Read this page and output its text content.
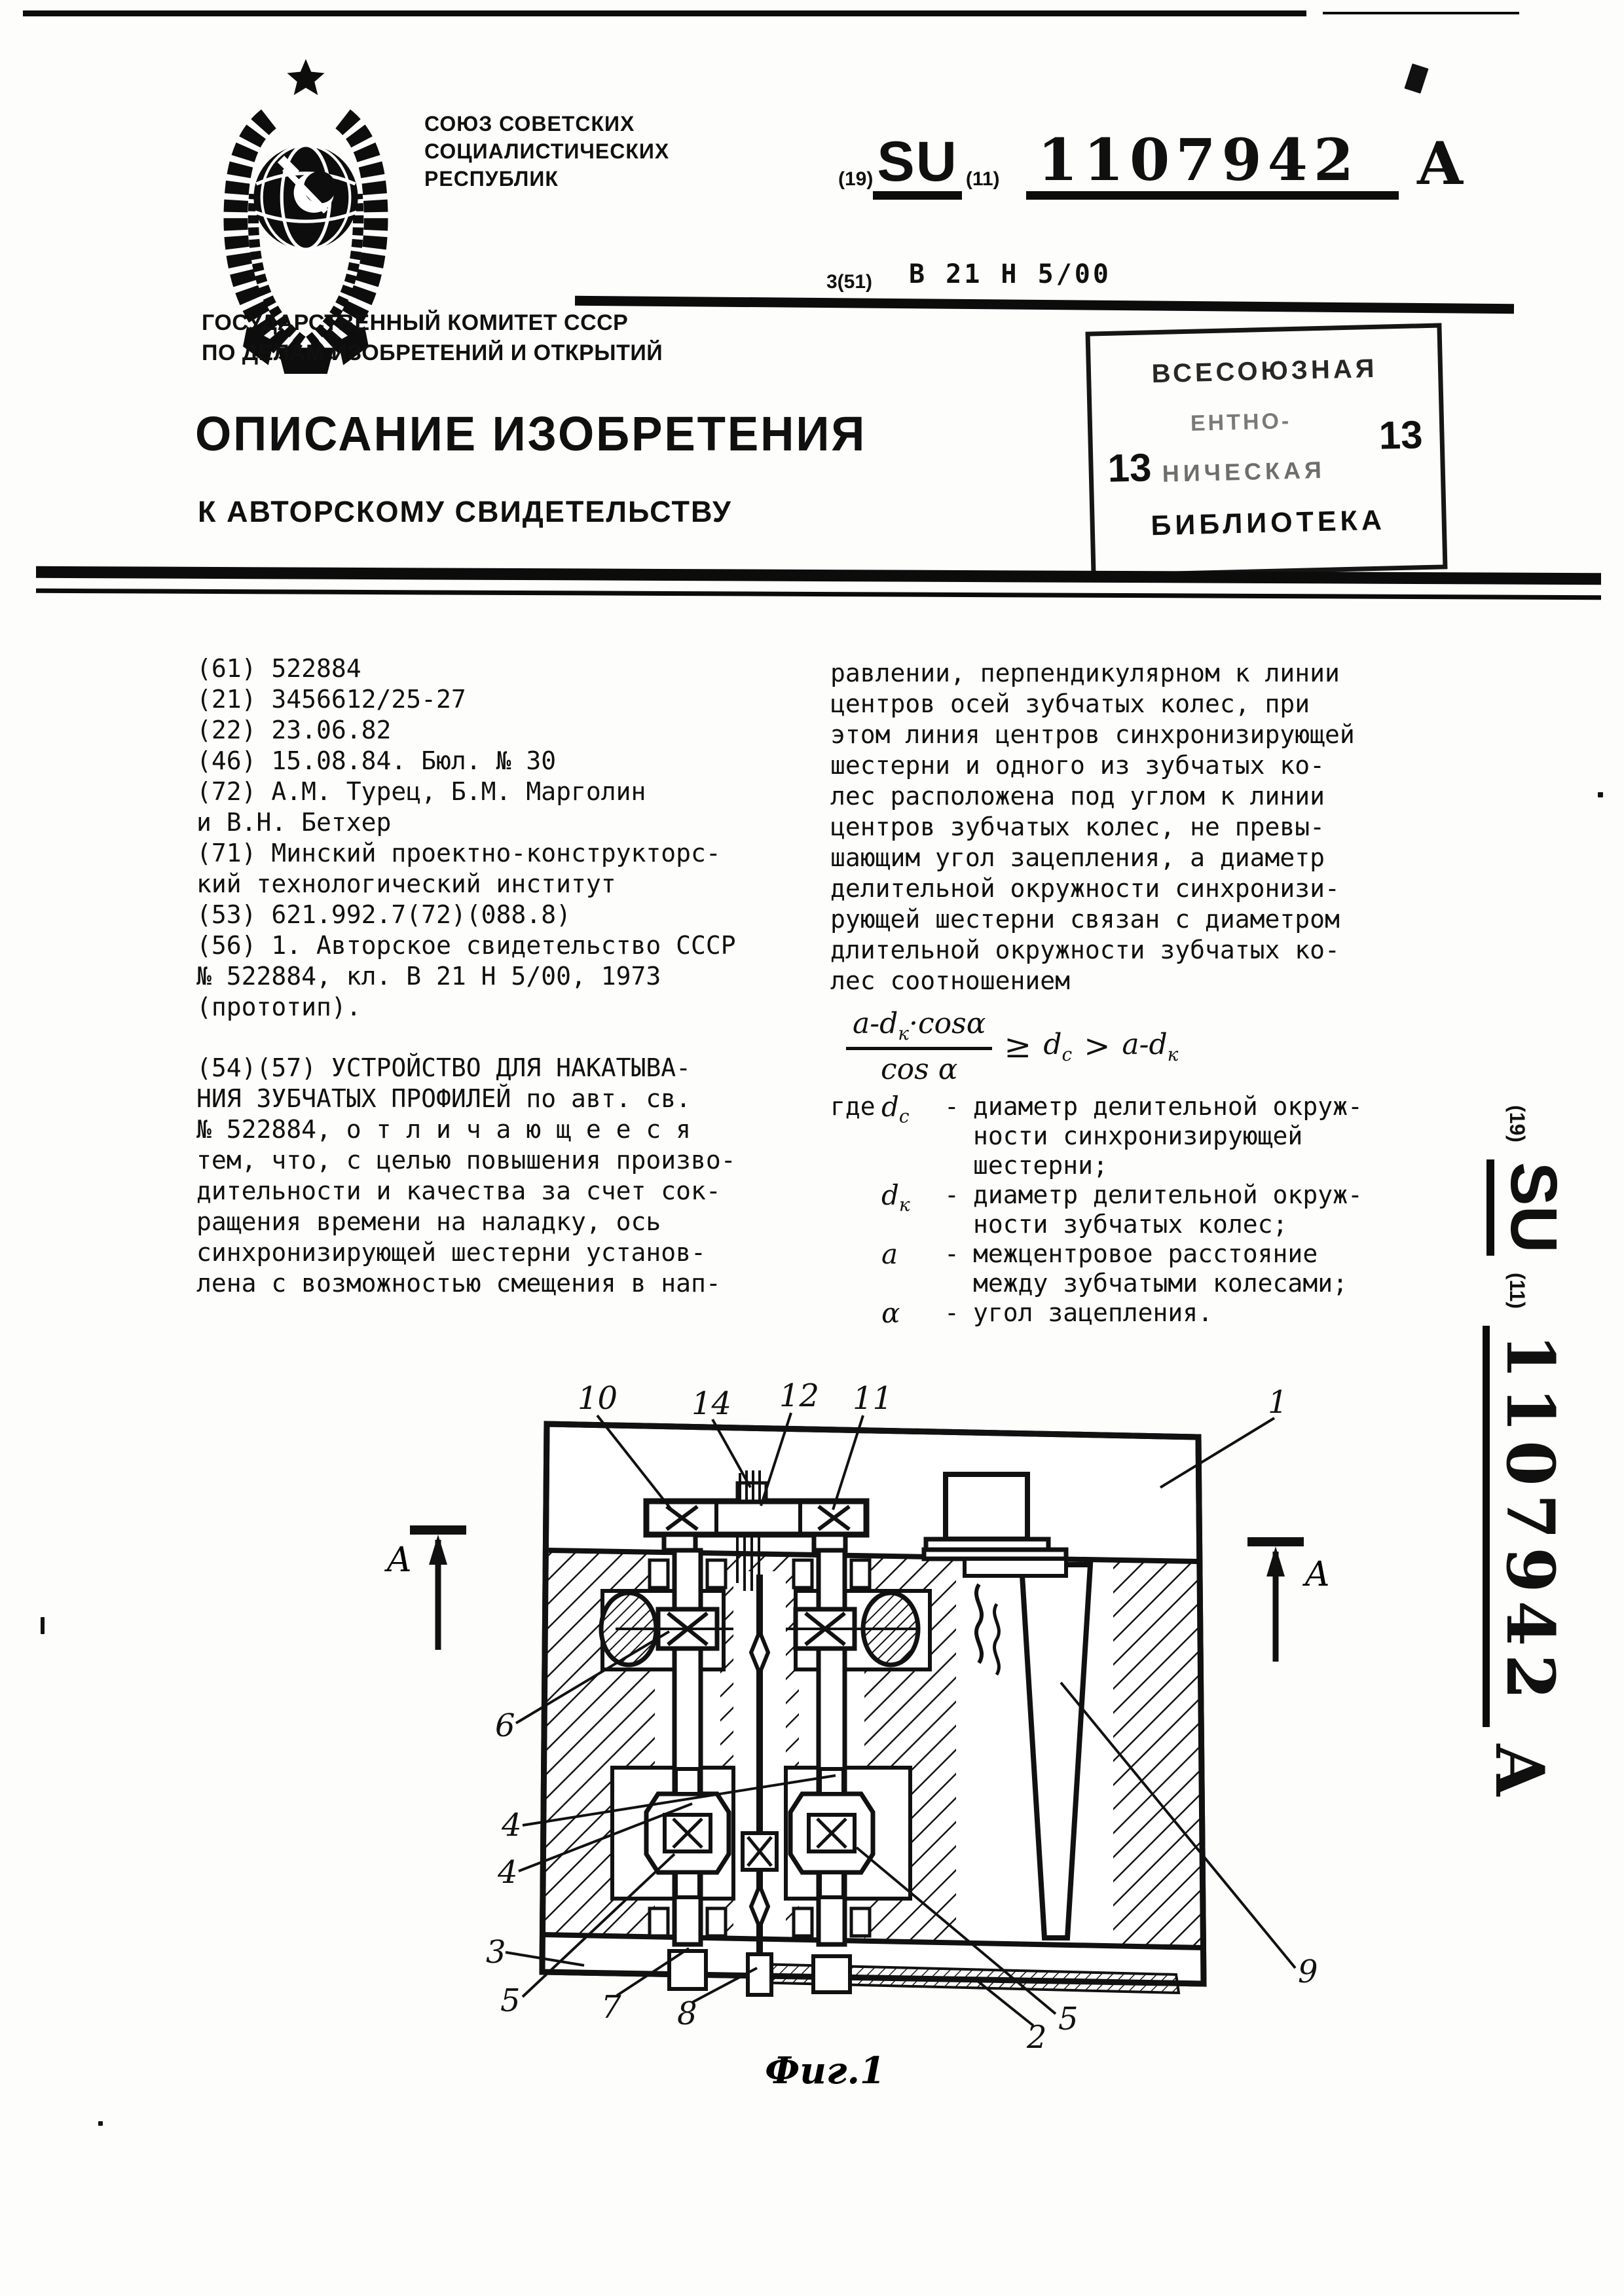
СОЮЗ СОВЕТСКИХ
СОЦИАЛИСТИЧЕСКИХ
РЕСПУБЛИК	(19) SU (11) 1107942 A
3(51) В 21 Н 5/00
ГОСУДАРСТВЕННЫЙ КОМИТЕТ СССР
ПО ДЕЛАМ ИЗОБРЕТЕНИЙ И ОТКРЫТИЙ
ОПИСАНИЕ ИЗОБРЕТЕНИЯ
К АВТОРСКОМУ СВИДЕТЕЛЬСТВУ
ВСЕСОЮЗНАЯ
ЕНТНО-
НИЧЕСКАЯ
БИБЛИОТЕКА
13
13
(61) 522884
(21) 3456612/25-27
(22) 23.06.82
(46) 15.08.84. Бюл. № 30
(72) А.М. Турец, Б.М. Марголин
и В.Н. Бетхер
(71) Минский проектно-конструкторс-
кий технологический институт
(53) 621.992.7(72)(088.8)
(56) 1. Авторское свидетельство СССР
№ 522884, кл. В 21 Н 5/00, 1973
(прототип).
(54)(57) УСТРОЙСТВО ДЛЯ НАКАТЫВА-
НИЯ ЗУБЧАТЫХ ПРОФИЛЕЙ по авт. св.
№ 522884, о т л и ч а ю щ е е с я
тем, что, с целью повышения произво-
дительности и качества за счет сок-
ращения времени на наладку, ось
синхронизирующей шестерни установ-
лена с возможностью смещения в нап-
равлении, перпендикулярном к линии
центров осей зубчатых колес, при
этом линия центров синхронизирующей
шестерни и одного из зубчатых ко-
лес расположена под углом к линии
центров зубчатых колес, не превы-
шающим угол зацепления, а диаметр
делительной окружности синхронизи-
рующей шестерни связан с диаметром
длительной окружности зубчатых ко-
лес соотношением
$\frac{a-d_к\cdot\cos\alpha}{\text{cos α}} \ge d_c > a-d_к$
где $d_c$	- диаметр делительной окруж-
ности синхронизирующей
шестерни;
$d_к$	- диаметр делительной окруж-
ности зубчатых колес;
a	- межцентровое расстояние
между зубчатыми колесами;
α	- угол зацепления.
А	А
10 14 12 11	1
6
4
4
3
5	5
9
7 8
2
Фиг.1
(19)
SU
(11)
1107942
A
